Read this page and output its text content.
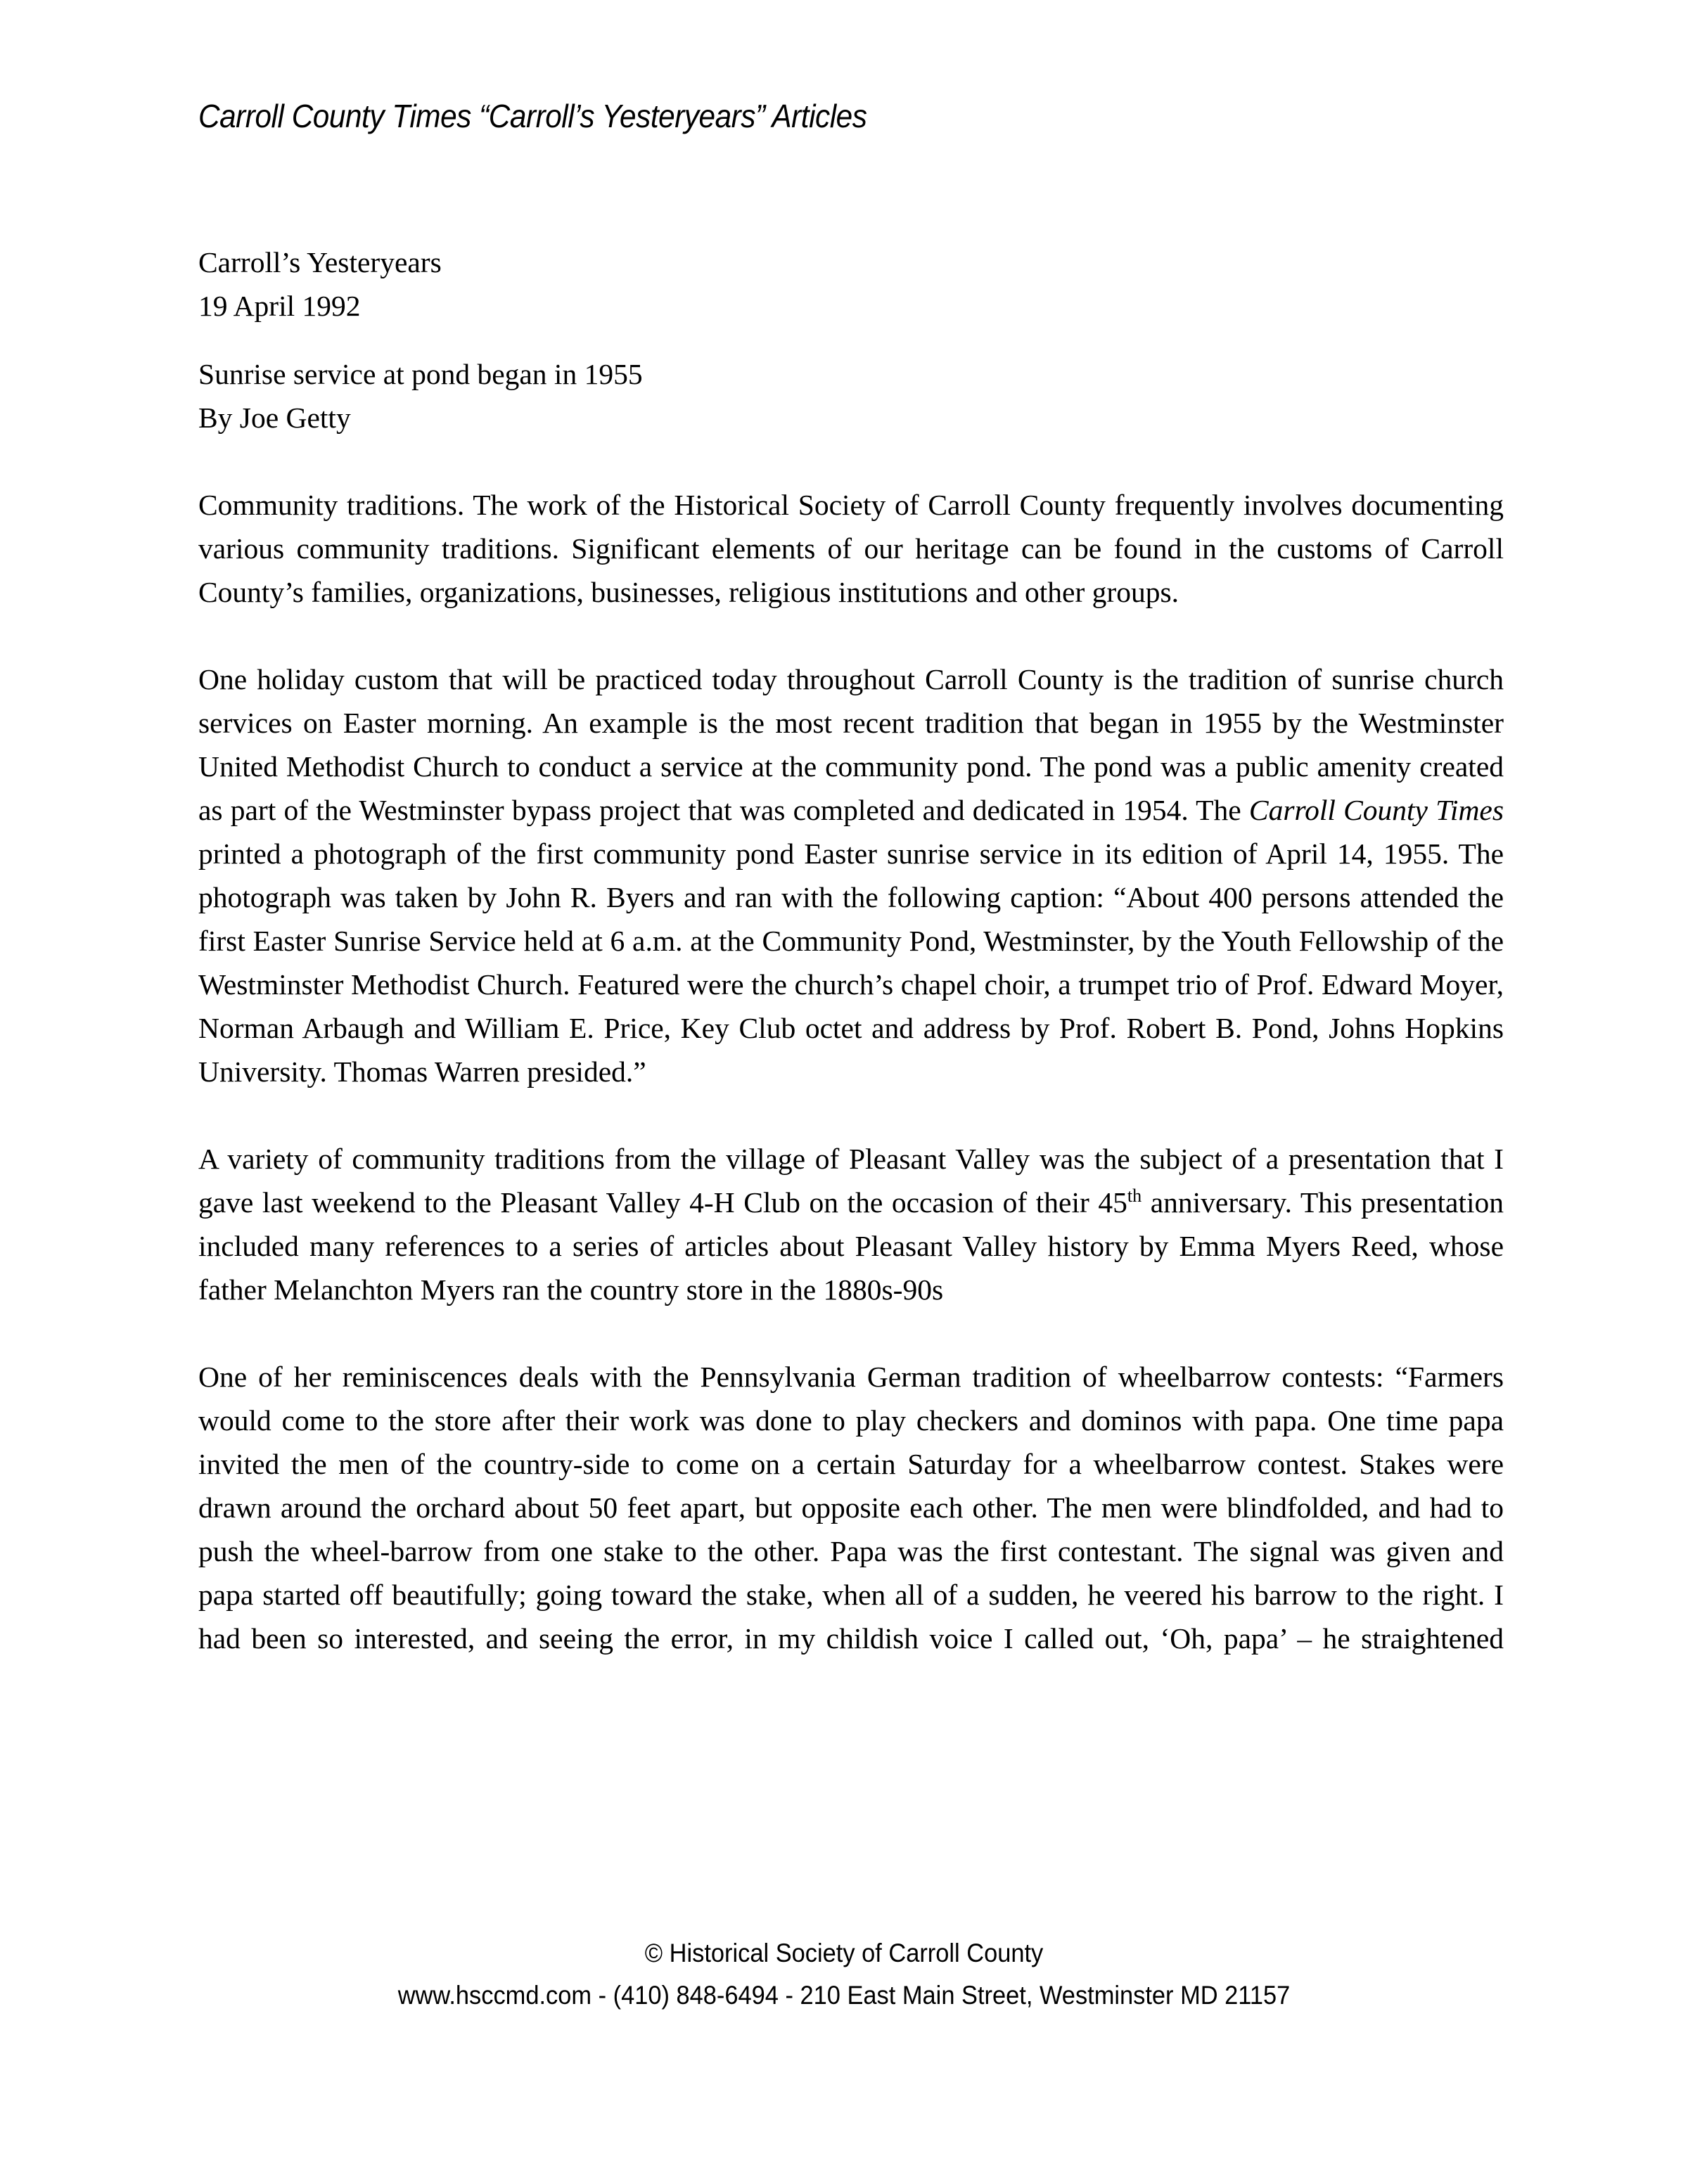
Carroll County Times “Carroll’s Yesteryears” Articles
Carroll’s Yesteryears
19 April 1992
Sunrise service at pond began in 1955
By Joe Getty

Community traditions. The work of the Historical Society of Carroll County frequently involves documenting various community traditions. Significant elements of our heritage can be found in the customs of Carroll County’s families, organizations, businesses, religious institutions and other groups.

One holiday custom that will be practiced today throughout Carroll County is the tradition of sunrise church services on Easter morning. An example is the most recent tradition that began in 1955 by the Westminster United Methodist Church to conduct a service at the community pond. The pond was a public amenity created as part of the Westminster bypass project that was completed and dedicated in 1954. The Carroll County Times printed a photograph of the first community pond Easter sunrise service in its edition of April 14, 1955. The photograph was taken by John R. Byers and ran with the following caption: “About 400 persons attended the first Easter Sunrise Service held at 6 a.m. at the Community Pond, Westminster, by the Youth Fellowship of the Westminster Methodist Church. Featured were the church’s chapel choir, a trumpet trio of Prof. Edward Moyer, Norman Arbaugh and William E. Price, Key Club octet and address by Prof. Robert B. Pond, Johns Hopkins University. Thomas Warren presided.”

A variety of community traditions from the village of Pleasant Valley was the subject of a presentation that I gave last weekend to the Pleasant Valley 4-H Club on the occasion of their 45th anniversary. This presentation included many references to a series of articles about Pleasant Valley history by Emma Myers Reed, whose father Melanchton Myers ran the country store in the 1880s-90s

One of her reminiscences deals with the Pennsylvania German tradition of wheelbarrow contests: “Farmers would come to the store after their work was done to play checkers and dominos with papa. One time papa invited the men of the country-side to come on a certain Saturday for a wheelbarrow contest. Stakes were drawn around the orchard about 50 feet apart, but opposite each other. The men were blindfolded, and had to push the wheel-barrow from one stake to the other. Papa was the first contestant. The signal was given and papa started off beautifully; going toward the stake, when all of a sudden, he veered his barrow to the right. I had been so interested, and seeing the error, in my childish voice I called out, ‘Oh, papa’ – he straightened

© Historical Society of Carroll County
www.hsccmd.com - (410) 848-6494 - 210 East Main Street, Westminster MD 21157
